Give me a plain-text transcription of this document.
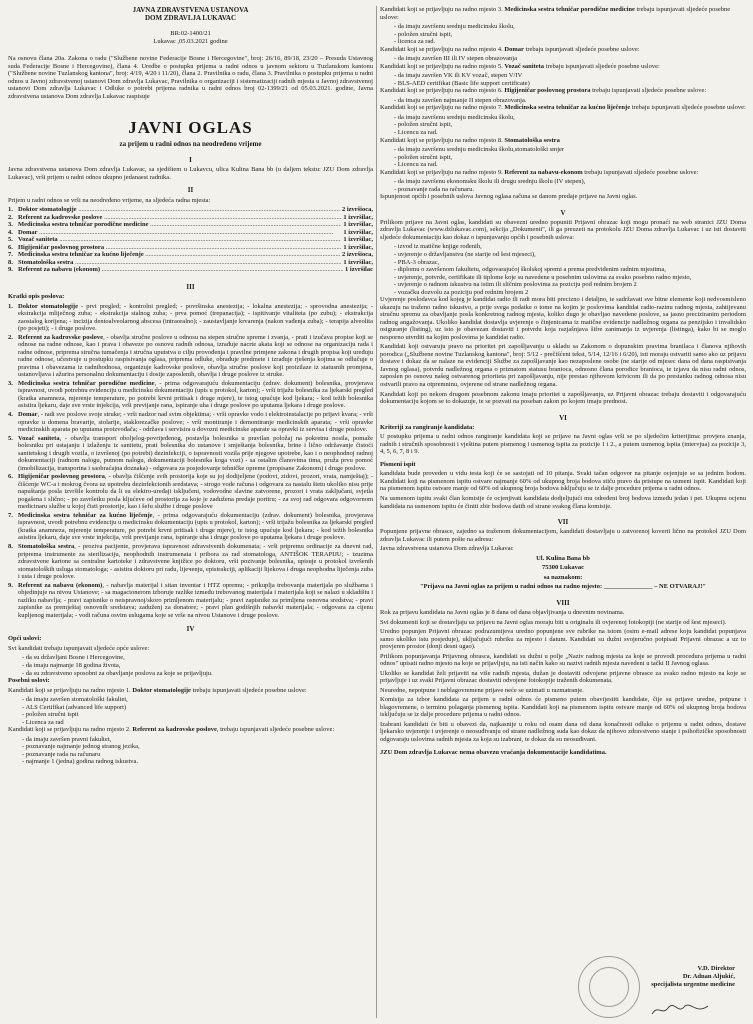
JAVNA ZDRAVSTVENA USTANOVA
DOM ZDRAVLJA LUKAVAC
BR:02-1400/21
Lukavac ,05.03.2021 godine

Na osnovu člana 20a. Zakona o radu ("Službene novine Federacije Bosne i Hercegovine", broj: 26/16, 89/18, 23/20 – Presuda Ustavnog suda Federacije Bosne i Hercegovine), člana 4. Uredbe o postupku prijema u radni odnos u javnom sektoru u Tuzlanskom kantonu ("Službene novine Tuzlanskog kantona", broj: 4/19, 4/20 i 11/20), člana 2. Pravilnika o radu, člana 3. Pravilnika o postupku prijema u radni odnos u Javnoj zdravstvenoj ustanovi Dom zdravlja Lukavac, Pravilnika o organizaciji i sistematizaciji radnih mjesta u Javnoj zdravstvenoj ustanovi Dom zdravlja Lukavac i Odluke o potrebi prijema radnika u radni odnos broj 02-1399/21 od 05.03.2021. godine, Javna zdravstvena ustanova Dom zdravlja Lukavac raspisuje

JAVNI OGLAS
za prijem u radni odnos na neodređeno vrijeme
I

Javna zdravstvena ustanova Dom zdravlja Lukavac, sa sjedištem u Lukavcu, ulica Kulina Bana bb (u daljem tekstu: JZU Dom zdravlja Lukavac), vrši prijem u radni odnos ukupno jedanaest radnika.

II

Prijem u radni odnos se vrši na neodređeno vrijeme, na sljedeća radna mjesta:

1. Doktor stomatologije .....	2 izvršioca,
2. Referent za kadrovske poslove .....	1 izvršilac,
3. Medicinska sestra tehničar porodične medicine .....	1 izvršilac,
4. Domar .....	1 izvršilac,
5. Vozač saniteta .....	1 izvršilac,
6. Higijeničar poslovnog prostora .....	1 izvršilac,
7. Medicinska sestra tehničar za kućno liječenje .....	2 izvršioca,
8. Stomatološka sestra .....	1 izvršilac,
9. Referent za nabavu (ekonom) .....	1 izvršilac
III

Kratki opis poslova:

1. Doktor stomatologije - prvi pregled; - kontrolni pregled; - površinska anestezija; - lokalna anestezija; - sprovodna anestezija; - ekstrakcija mliječnog zuba; - ekstrakcija stalnog zuba; - prva pomoć (trepanacija); - ispitivanje vitaliteta (po zubu); - ekstrakcija zaostalog korijena; - incizija dentoalveolarnog abscesa (intraoralno); - zaustavljanje krvarenja (nakon vađenja zuba); - terapija alveolita (po posjeti); - i druge poslove.
2. Referent za kadrovske poslove, - obavlja stručne poslove u odnosu na stepen stručne spreme i zvanja, - prati i izučava propise koji se odnose na radne odnose, kao i prava i obaveze po osnovu radnih odnosa, izrađuje nacrte akata koji se odnose na organizaciju rada i radne odnose, priprema stručna tumačenja i stručna uputstva u cilju provođenja i pravilne primjene zakona i drugih propisa koji uređuju radne odnose, učestvuje u postupku raspisivanja oglasa, priprema odluke, obrađuje predmete i izrađuje rješenja kojima se odlučuje o pravima i obavezama iz radnihodnosa, organizuje kadrovske poslove, obavlja stručne poslove koji proizilaze iz statusnih promjena, ustanovljava i ažurira personalnu dokumentaciju i dosije zaposlenih, obavlja i druge poslove iz struke.
3. Medicinska sestra tehničar porodične medicine, - prima odgovarajuću dokumentaciju (zdrav. dokument) bolesnika, provjerava ispravnost, uvodi potrebnu evidenciju u medicinsku dokumentaciju (upis u protokol, karton); - vrši trijažu bolesnika za ljekarski pregled (kratka anamneza, mjerenje temperature, po potrebi krvni pritisak i druge mjere), te istog upućuje kod ljekara; - kod težih bolesnika asistira ljekaru, daje sve vrste injekcija, vrši previjanje rana, ispiranje uha i druge poslove po uputama ljekara i druge poslove.
4. Domar, - radi sve poslove svoje struke; - vrši nadzor nad svim objektima; - vrši opravke vodo i elektroinstalacije po prijavi kvara; - vrši opravke u domena bravarije, stolarije, staklorezačke poslove; - vrši montiranje i demontiranje medicinskih aparata; - vrši opravke medicinskih aparata po uputama proizvođača; - održava i servisira u dovozni medicinske aparate sa opravki iz servisa i druge poslove.
5. Vozač saniteta, - obavlja transport oboljelog-povrijeđenog, postavlja bolesnika u pravilan položaj na pokretnu nosila, pomaže bolesniku pri ustajanju i izlaženju iz sanitetu, prati bolesnika do ustanove i smještanja bolesnika, brine i lično održavanje čistoći sanitetskog i drugih vozila, o izvršenoj (po potrebi) dezinfekciji, o ispravnosti vozila prije njegove upotrebe, kao i o neophodnoj radnoj dokumentaciji (radnom nalogu, putnom nalogu, dokumentaciji bolesnika koga vozi) - sa ostalim članovima tima, pruža prvu pomoć (imobilizacija, transportna i saobraćajna doznaka) - odgovara za posjedovanje tehničke opreme (propisane Zakonom) i druge poslove.
6. Higijeničar poslovnog prostora, - obavlja čišćenje svih prostorija koje su joj dodijeljene (podovi, zidovi, prozori, vrata, namještaj); - čišćenje WC-a i mokrog čvora uz upotrebu dezinfekcionih sredstava; - strogo vode računa i odgovara za nastalu štetu ukoliko nisu prije napuštanja posla izvršile kontrolu da li su elektro-uređaji isključeni, vodovodne slavine zatvorene, prozori i vrata zaključani, svjetla pogašena i slično; - po završetku posla kljućeve od prostorija za koje je zadužena predaje portiru; - za svoj rad odgovara odgovornom medicinaru službe u kojoj čisti prostorije, kao i šefu službe i druge poslove
7. Medicinska sestra tehničar za kućno liječenje, - prima odgovarajuću dokumentaciju (zdrav. dokument) bolesnika, provjerava ispravnost, uvodi potrebnu evidenciju u medicinsku dokumentaciju (upis u protokol, karton); - vrši trijažu bolesnika za ljekarski pregled (kratka anamneza, mjerenje temperature, po potrebi krvni pritisak i druge mjere), te istog upućuje kod ljekara; - kod težih bolesnika asistira ljekaru, daje sve vrste injekcija, vrši previjanje rana, ispiranje uha i druge poslove po uputama ljekara i druge poslove.
8. Stomatološka sestra, - prozivа pacijente, provjerava ispravnost zdravstvenih dokumenata; - vrši pripremu ordinacije za dnevni rad, priprema instrumente za sterilizaciju, neophodnih instrumenata i pribora za rad stomatologa, ANTIŠOK TERAPIJU; - izuzima zdravstvene kartone sa centralne kartoteke i zdravstvene knjižice po doktoru, vrši pozivanje bolesnika, upisuje u protokol izvršenih stomatoloških usluga stomatologa; - asistira doktoru pri radu, lijeчenju, epistrakciji, aplikaciji lijekova i druga neophodna liječenja zuba i usta i druge poslove.
9. Referent za nabavu (ekonom), - nabavlja materijal i sitan inventar i HTZ opremu; - prikuplja trebovanja materijala po službama i objedinjuje na nivou Ustanove; - sa magacionerom izboruje razlike između trebovanog materijala i materijala koji se nalazi u skladištu i razliku nabavlja; - pravi zapisnike o neispravnoj/skoro primljenom materijalu; - pravi zapisnike za primljena osnovna sredstva; - pravi zapisnike za premještaj osnovnih sredstava; zaduženj za donatore; - pravi plan godišnjih nabavki materijala; - odgovara za cijenu kupljenog materijala; - vodi računa osvim uslugama koje se vrše na nivou Ustanove i druge poslove.
IV

Opći uslovi:

Svi kandidati trebaju ispunjavati sljedeće opće uslove:

- da su državljani Bosne i Hercegovine,
- da imaju najmanje 18 godina života,
- da su zdravstveno sposobni za obavljanje poslova za koje se prijavljuju.

Posebni uslovi:

Kandidati koji se prijavljuju na radno mjesto 1. Doktor stomatologije trebaju ispunjavati sljedeće posebne uslove:

- da imaju završen stomatološki fakultet,
- ALS Certifikat (advanced life support)
- položen stručni ispit
- Licenca za rad

Kandidati koji se prijavljuju na radno mjesto 2. Referent za kadrovske poslove, trebaju ispunjavati sljedeće posebne uslove:

- da imaju završen pravni fakultet,
- poznavanje najmanje jednog stranog jezika,
- poznavanje rada na računaru
- najmanje 1 (jedna) godina radnog iskustva.

Kandidati koji se prijavljuju na radno mjesto 3. Medicinska sestra tehničar porodične medicine trebaju ispunjavati sljedeće posebne uslove:

- da imaju završenu srednju medicinsku školu,
- položen stručni ispit,
- licenca za rad.

Kandidati koji se prijavljuju na radno mjesto 4. Domar trebaju ispunjavati sljedeće posebne uslove:

- da imaju završen III ili IV stepen obrazovanja

Kandidati koji se prijavljuju na radno mjesto 5. Vozač saniteta trebaju ispunjavati sljedeće posebne uslove:

- da imaju završen VK ili KV vozač, stepen V/IV
- BLS-AED certifikat (Basic life support certificate)

Kandidati koji se prijavljuju na radno mjesto 6. Higijeničar poslovnog prostora trebaju ispunjavati sljedeće posebne uslove:

- da imaju završen najmanje II stepen obrazovanja.

Kandidati koji se prijavljuju na radno mjesto 7. Medicinska sestra tehničar za kućno liječenje trebaju ispunjavati sljedeće posebne uslove:

- da imaju završenu srednju medicinsku školu,
- položen stručni ispit,
- Licencu za rad.

Kandidati koji se prijavljuju na radno mjesto 8. Stomatološka sestra

- da imaju završenu srednju medicinsku školu,stomatološki smjer
- položen stručni ispit,
- Licencu za rad.

Kandidati koji se prijavljuju na radno mjesto 9. Referent za nabavu-ekonom trebaju ispunjavati sljedeće posebne uslove:

- da imaju završenu ekonomsku školu ili drugu srednju školu (IV stepen),
- poznavanje rada na računaru.

Ispunjenost općih i posebnih uslova Javnog oglasa računa se danom predaje prijave na Javni oglas.

V

Prilikom prijave na Javni oglas, kandidati su obavezni uredno popuniti Prijavni obrazac koji mogu pronaći na web stranici JZU Doma zdravlja Lukavac (www.dzlukavac.com), sekcija „Dokumenti", ili ga preuzeti na protokolu JZU Doma zdravlja Lukavac i uz isti dostaviti sljedeće dokumentaciju kao dokaz o ispunjavanju općih i posebnih uslova:

- izvod iz matične knjige rođenih,
- uvjerenje o državljanstvu (ne starije od šest mjeseci),
- PBA-3 obrazac,
- diplomu o završenom fakultetu, odgovarajućoj školskoj spremi a prema predviđenim radnim mjestima,
- uvjerenje, potvrde, certifikate ili tiplome koje su navedene u posebnim uslovima za svako posebno radno mjesto,
- uvjerenje o radnom iskustvu na istim ili sličnim poslovima za poziciju pod rednim brojem 2
- vozačku dozvolu za poziciju pod rednim brojem 2

Uvjerenje poslodavca kod kojeg je kandidat radio ili radi mora biti precizno i detaljno, te sadržavati sve bitne elemente koji nedvosmisleno ukazuju na traženo radno iskustvo, a prije svega podatke o tome na kojim je poslovima kandidat radio-razinu radnog mjesta, zahtijevanu stručnu spremu za obavljanje posla konkretnog radnog mjesta, koliko dugo je obavljao navedene poslove, sa jasno preciziranim periodom radnog angažovanja. Ukoliko kandidat dostavlja uvjerenje o činjenicama iz matične evidencije nadležnog organa za penzijsko i invalidsko osiguranje (listing), uz isto je obavezan dostaviti i potvrdu koja razjašnjava šifre zanimanja iz uvjerenja (listinga), kako bi se moglo nesporno utvrditi na kojim poslovima je kandidat radio.

Kandidati koji ostvaruju pravo na prioritet pri zapošljavanju u skladu sa Zakonom o dopunskim pravima branilaca i članova njihovih porodica („Službene novine Tuzlanskog kantona", broj: 5/12 - prečišćeni tekst, 5/14, 12/16 i 6/20), isti moraju ostvariti samo ako uz prijavu dostave i dokaz da se nalaze na evidenciji Službe za zapošljavanje kao nezaposlene osobe (ne starije od mjesec dana od dana raspisivanja Javnog oglasa), potvrdu nadležnog organa o priznatom statusu branioca, odnosno člana porodice branioca, te izjavu da nisu radni odnos, zaposlen po osnovu našeg ostvarenog prioriteta pri zapošljavanju, nije prestao njihovom krivicom ili da po prestanku radnog odnosa nisu ostvarili pravo na otpremninu, ovjerene od strane nadležnog organa.

Kandidati koji po nekom drugom posebnom zakonu imaju prioritet u zapošljavanju, uz Prijavni obrazac trebaju dostaviti i odgovarajuću dokumentaciju kojom se to dokazuje, te se pozvati na poseban zakon po kojem imaju prednost.

VI

Kriteriji za rangiranje kandidata:

U postupku prijema u radni odnos rangiranje kandidata koji se prijave na Javni oglas vrši se po sljedećim kriterijima: provjera znanja, radnih i stručnih sposobnosti i vještina putem pismenog i usmenog ispita za pozicije 1 i 2., a putem usmenog ispita (intervjua) za pozicije 3, 4, 5, 6, 7, 8 i 9.

Pismeni ispit

kandidata bude proveden u vidu testa koji će se sastojati od 10 pitanja. Svaki tačan odgovor na pitanje ocjenjuje se sa jednim bodom. Kandidati koji na pismenom ispitu ostvare najmanje 60% od ukupnog broja bodova stiču pravo da pristupe na usmeni ispit. Kandidati koji na pismenom ispitu ostvare manje od 60% od ukupnog broja bodova isključuju se iz dalje procedure prijema u radni odnos.

Na usmenom ispitu svaki član komisije će ocjenjivati kandidata dodjeljujući mu određeni broj bodova između jedan i pet. Ukupnu ocjenu kandidata na usmenom ispitu će činiti zbir bodova datih od strane svakog člana komisije.

VII

Popunjene prijavne obrasce, zajedno sa traženom dokumentacijom, kandidati dostavljaju u zatvorenoj koverti lično na protokol JZU Dom zdravlja Lukavac ili putem pošte na adresu:

Javna zdravstvena ustanova Dom zdravlja Lukavac

Ul. Kulina Bana bb

75300 Lukavac

sa naznakom:

"Prijava na Javni oglas za prijem u radni odnos na radno mjesto: _______________ – NE OTVARAJ!"

VIII

Rok za prijavu kandidata na Javni oglas je 8 dana od dana objavljivanja u dnevnim novinama.

Svi dokumenti koji se dostavljaju uz prijavu na Javni oglas moraju biti u originalu ili ovjerenoj fotokopiji (ne starije od šest mjeseci).

Uredno popunjen Prijavni obrazac podrazumijeva uredno popunjene sve rubrike na istom (osim e-mail adrese koju kandidat popunjava samo ukoliko istu posjeduje), uključujući rubriku za mjesto i datum. Kandidati su dužni svojeručno potpisati Prijavni obrazac a uz to provjeren prostor (donji desni ugao).

Prilikom popunjavanja Prijavnog obrasca, kandidati su dužni u polje „Naziv radnog mjesta za koje se provodi procedura prijema u radni odnos" upisati radno mjesto na koje se prijavljuju, na isti način kako su nazivi radnih mjesta navedeni u tački II Javnog oglasa.

Ukoliko se kandidat želi prijaviti na više radnih mjesta, dužan je dostaviti odvojene prijavne obrasce za svako radno mjesto na koje se prijavljuje i uz svaki Prijavni obrazac dostaviti odvojene fotokopije traženih dokumenata.

Neuredne, nepotpune i neblagovremene prijave neće se uzimati u razmatranje.

Komisija za izbor kandidata za prijem u radni odnos će pismeno putem obavijestiti kandidate, čije su prijave uredne, potpune i blagovremene, o terminu polaganja pismenog ispita. Kandidati koji na pismenom ispitu ostvare manje od 60% od ukupnog broja bodova isključuju se iz dalje procedure prijema u radni odnos.

Izabrani kandidati će biti u obavezi da, najkasnije u roku od osam dana od dana konačnosti odluke o prijemu u radni odnos, dostave ljekarsko uvjerenje i uvjerenje o neosuđivanju od strane nadležnog suda kao dokaz da njihovo zdravstveno stanje i psihofizičke sposobnosti odgovaraju uslovima radnih mjesta za koja su izabrani, te dokaz da su neosuđivani.

JZU Dom zdravlja Lukavac nema obavezu vraćanja dokumentacije kandidatima.

V.D. Direktor
Dr. Adnan Aljukić,
specijalista urgentne medicine
